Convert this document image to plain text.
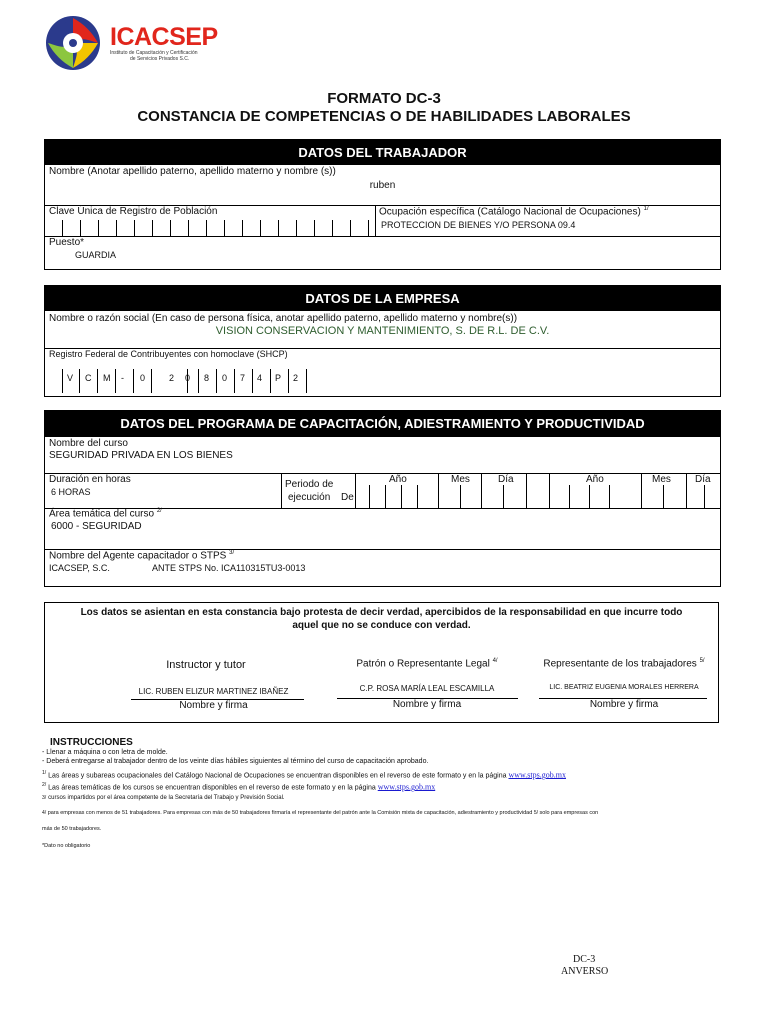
ICACSEP
Instituto de Capacitación y Certificación
de Servicios Privados S.C.
FORMATO DC-3
CONSTANCIA DE COMPETENCIAS O DE HABILIDADES LABORALES
DATOS DEL TRABAJADOR
Nombre (Anotar apellido paterno, apellido materno y nombre (s))
ruben
Clave Única de Registro de Población	Ocupación específica (Catálogo Nacional de Ocupaciones) $^{1/}$
PROTECCION DE BIENES Y/O PERSONA 09.4
Puesto*
GUARDIA
DATOS DE LA EMPRESA
Nombre o razón social (En caso de persona física, anotar apellido paterno, apellido materno y nombre(s))
VISION CONSERVACION Y MANTENIMIENTO, S. DE R.L. DE C.V.
Registro Federal de Contribuyentes con homoclave (SHCP)
V C M - 0	2 0 8 0 7 4 P 2
DATOS DEL PROGRAMA DE CAPACITACIÓN, ADIESTRAMIENTO Y PRODUCTIVIDAD
Nombre del curso
SEGURIDAD PRIVADA EN LOS BIENES
Duración en horas
6 HORAS
Periodo de
ejecución De
Año	Mes	Día
a
Año	Mes Día
Área temática del curso $^{2/}$
6000 - SEGURIDAD
Nombre del Agente capacitador o STPS $^{3/}$
ICACSEP, S.C.	ANTE STPS No. ICA110315TU3-0013
Los datos se asientan en esta constancia bajo protesta de decir verdad, apercibidos de la responsabilidad en que incurre todo
aquel que no se conduce con verdad.
Instructor y tutor
LIC. RUBEN ELIZUR MARTINEZ IBAÑEZ
Nombre y firma
Patrón o Representante Legal $^{4/}$
C.P. ROSA MARÍA LEAL ESCAMILLA
Nombre y firma
Representante de los trabajadores $^{5/}$
LIC. BEATRIZ EUGENIA MORALES HERRERA
Nombre y firma
INSTRUCCIONES
- Llenar a máquina o con letra de molde.
- Deberá entregarse al trabajador dentro de los veinte días hábiles siguientes al término del curso de capacitación aprobado.
$^{1/}$ Las áreas y subareas ocupacionales del Catálogo Nacional de Ocupaciones se encuentran disponibles en el reverso de este formato y en la página www.stps.gob.mx
$^{2/}$ Las áreas temáticas de los cursos se encuentran disponibles en el reverso de este formato y en la página www.stps.gob.mx
3/ cursos impartidos por el área competente de la Secretaría del Trabajo y Previsión Social.
4/ para empresas con menos de 51 trabajadores. Para empresas con más de 50 trabajadores firmaría el representante del patrón ante la Comisión mixta de capacitación, adiestramiento y productividad 5/ solo para empresas con
más de 50 trabajadores.
*Dato no obligatorio
DC-3
ANVERSO
